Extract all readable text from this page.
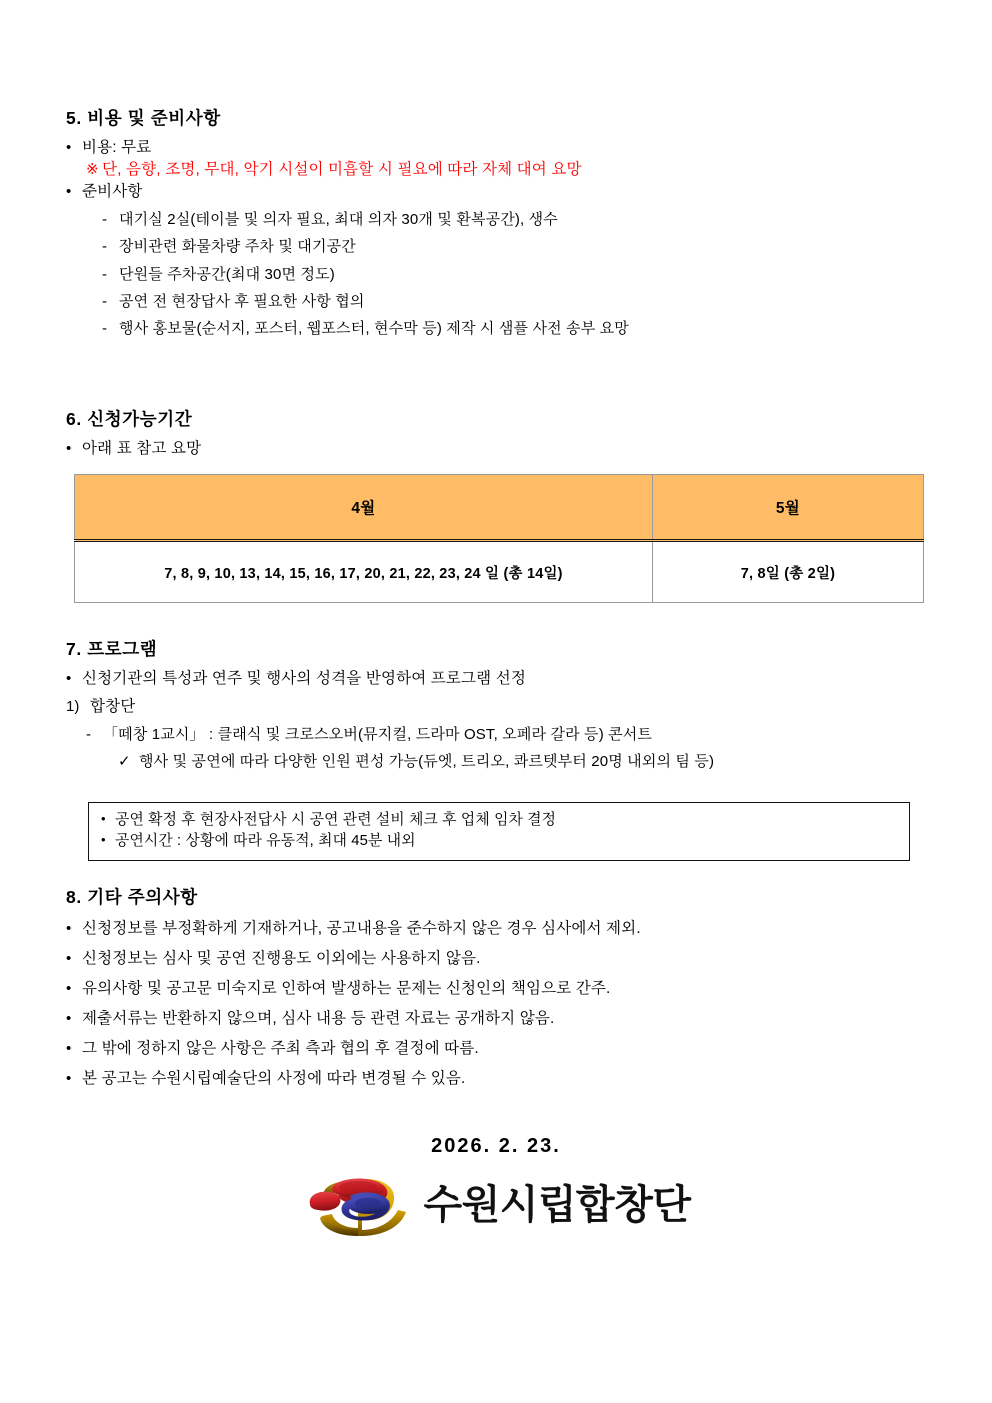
5. 비용 및 준비사항
• 비용: 무료
※ 단, 음향, 조명, 무대, 악기 시설이 미흡할 시 필요에 따라 자체 대여 요망
• 준비사항
- 대기실 2실(테이블 및 의자 필요, 최대 의자 30개 및 환복공간), 생수
- 장비관련 화물차량 주차 및 대기공간
- 단원들 주차공간(최대 30면 정도)
- 공연 전 현장답사 후 필요한 사항 협의
- 행사 홍보물(순서지, 포스터, 웹포스터, 현수막 등) 제작 시 샘플 사전 송부 요망
6. 신청가능기간
• 아래 표 참고 요망
4월	5월
7, 8, 9, 10, 13, 14, 15, 16, 17, 20, 21, 22, 23, 24 일 (총 14일)	7, 8일 (총 2일)
7. 프로그램
• 신청기관의 특성과 연주 및 행사의 성격을 반영하여 프로그램 선정
1) 합창단
- 「떼창 1교시」 : 클래식 및 크로스오버(뮤지컬, 드라마 OST, 오페라 갈라 등) 콘서트
✓ 행사 및 공연에 따라 다양한 인원 편성 가능(듀엣, 트리오, 콰르텟부터 20명 내외의 팀 등)
• 공연 확정 후 현장사전답사 시 공연 관련 설비 체크 후 업체 임차 결정
• 공연시간 : 상황에 따라 유동적, 최대 45분 내외
8. 기타 주의사항
• 신청정보를 부정확하게 기재하거나, 공고내용을 준수하지 않은 경우 심사에서 제외.
• 신청정보는 심사 및 공연 진행용도 이외에는 사용하지 않음.
• 유의사항 및 공고문 미숙지로 인하여 발생하는 문제는 신청인의 책임으로 간주.
• 제출서류는 반환하지 않으며, 심사 내용 등 관련 자료는 공개하지 않음.
• 그 밖에 정하지 않은 사항은 주최 측과 협의 후 결정에 따름.
• 본 공고는 수원시립예술단의 사정에 따라 변경될 수 있음.
2026. 2. 23.
수원시립합창단
